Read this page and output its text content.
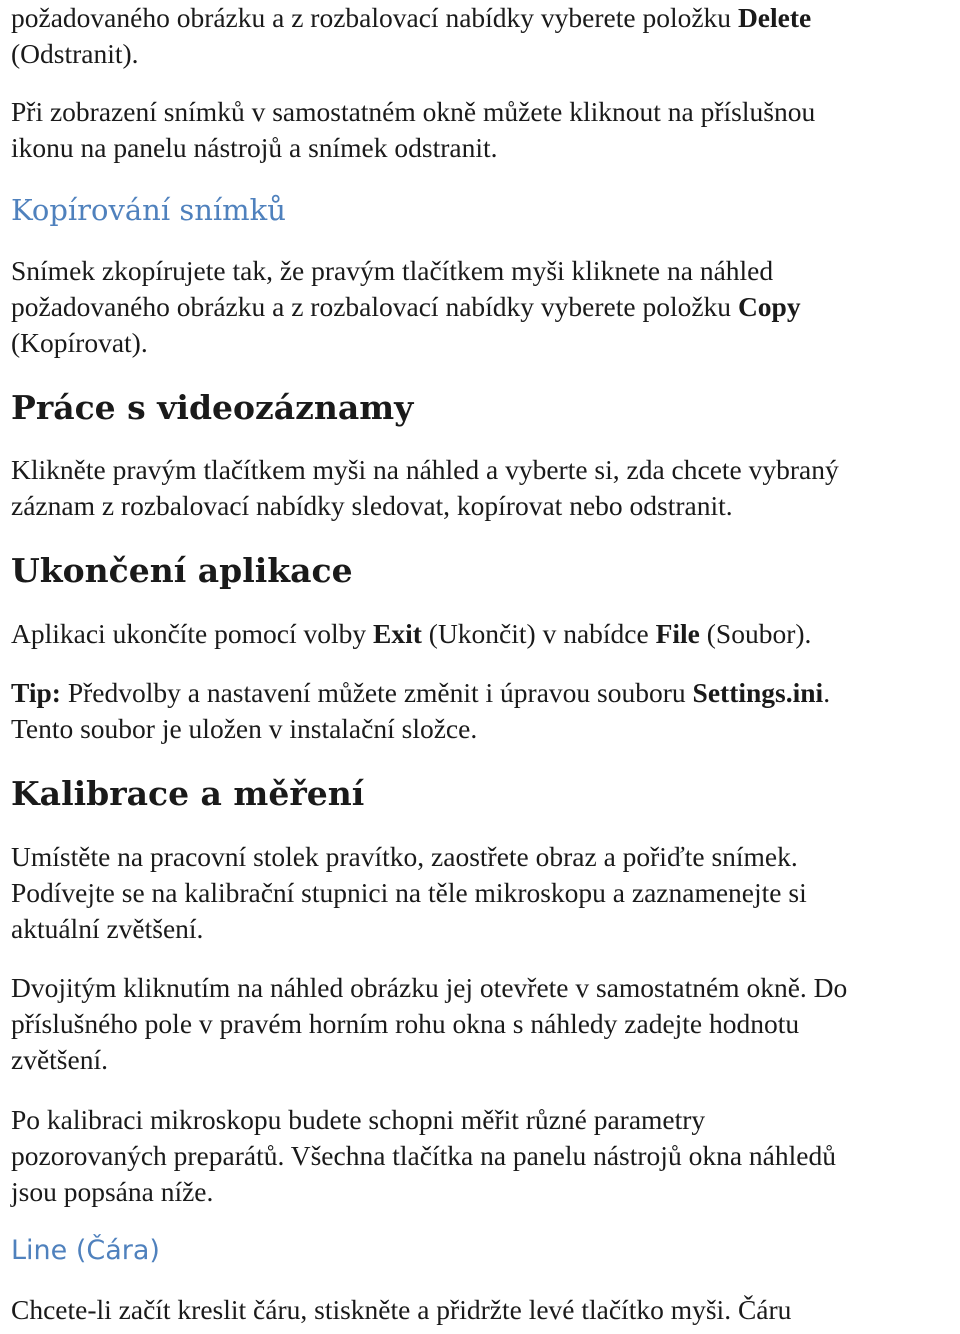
požadovaného obrázku a z rozbalovací nabídky vyberete položku Delete

(Odstranit).

Při zobrazení snímků v samostatném okně můžete kliknout na příslušnou

ikonu na panelu nástrojů a snímek odstranit.

Kopírování snímků

Snímek zkopírujete tak, že pravým tlačítkem myši kliknete na náhled

požadovaného obrázku a z rozbalovací nabídky vyberete položku Copy

(Kopírovat).

Práce s videozáznamy

Klikněte pravým tlačítkem myši na náhled a vyberte si, zda chcete vybraný

záznam z rozbalovací nabídky sledovat, kopírovat nebo odstranit.

Ukončení aplikace

Aplikaci ukončíte pomocí volby Exit (Ukončit) v nabídce File (Soubor).

Tip: Předvolby a nastavení můžete změnit i úpravou souboru Settings.ini.

Tento soubor je uložen v instalační složce.

Kalibrace a měření

Umístěte na pracovní stolek pravítko, zaostřete obraz a pořiďte snímek.

Podívejte se na kalibrační stupnici na těle mikroskopu a zaznamenejte si

aktuální zvětšení.

Dvojitým kliknutím na náhled obrázku jej otevřete v samostatném okně. Do

příslušného pole v pravém horním rohu okna s náhledy zadejte hodnotu

zvětšení.

Po kalibraci mikroskopu budete schopni měřit různé parametry

pozorovaných preparátů. Všechna tlačítka na panelu nástrojů okna náhledů

jsou popsána níže.

Line (Čára)

Chcete-li začít kreslit čáru, stiskněte a přidržte levé tlačítko myši. Čáru
